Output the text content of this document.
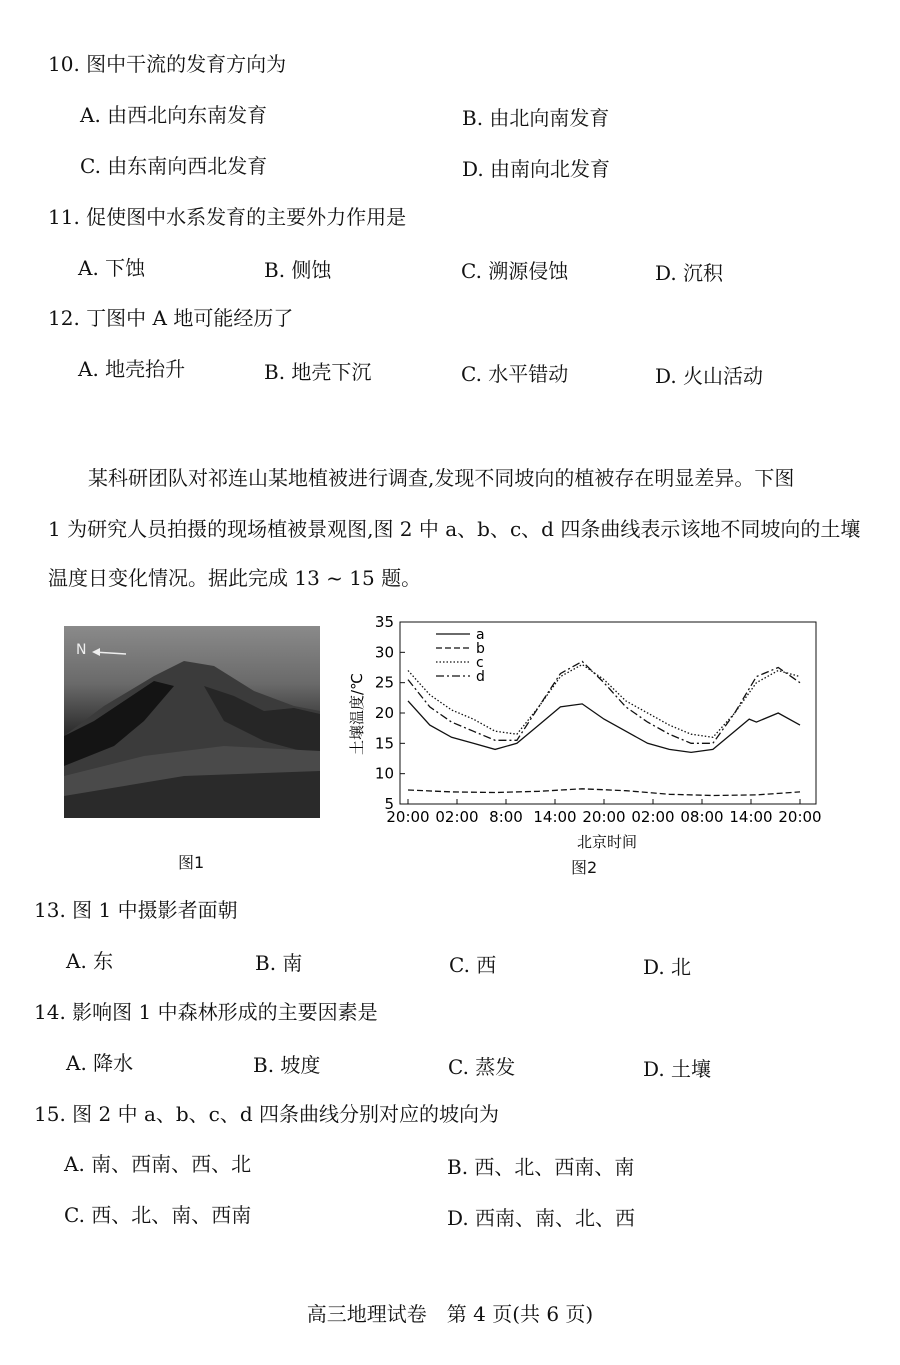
10. 图中干流的发育方向为
A. 由西北向东南发育	B. 由北向南发育
C. 由东南向西北发育	D. 由南向北发育
11. 促使图中水系发育的主要外力作用是
A. 下蚀	B. 侧蚀	C. 溯源侵蚀	D. 沉积
12. 丁图中 A 地可能经历了
A. 地壳抬升	B. 地壳下沉	C. 水平错动	D. 火山活动
某科研团队对祁连山某地植被进行调查,发现不同坡向的植被存在明显差异。下图
1 为研究人员拍摄的现场植被景观图,图 2 中 a、b、c、d 四条曲线表示该地不同坡向的土壤
温度日变化情况。据此完成 13 ~ 15 题。
N
图1
35
30
25
20
15
10
5
20:00 02:00 8:00 14:00 20:00 02:00 08:00 14:00 20:00
a
b
c
d
土壤温度/℃
北京时间
图2
13. 图 1 中摄影者面朝
A. 东	B. 南	C. 西	D. 北
14. 影响图 1 中森林形成的主要因素是
A. 降水	B. 坡度	C. 蒸发	D. 土壤
15. 图 2 中 a、b、c、d 四条曲线分别对应的坡向为
A. 南、西南、西、北	B. 西、北、西南、南
C. 西、北、南、西南	D. 西南、南、北、西
高三地理试卷　第 4 页(共 6 页)
